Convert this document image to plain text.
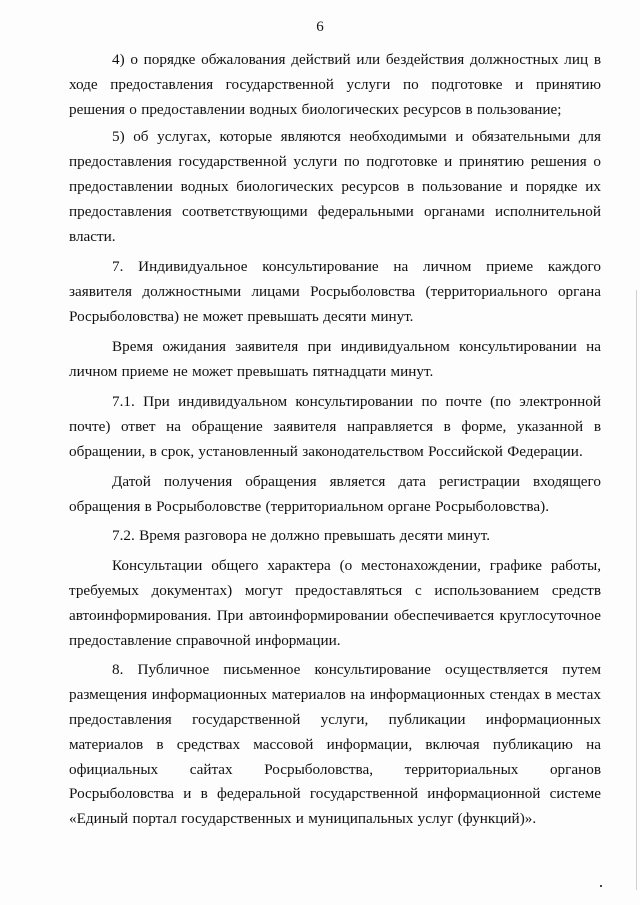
6

4) о порядке обжалования действий или бездействия должностных лиц в ходе предоставления государственной услуги по подготовке и принятию решения о предоставлении водных биологических ресурсов в пользование;

5) об услугах, которые являются необходимыми и обязательными для предоставления государственной услуги по подготовке и принятию решения о предоставлении водных биологических ресурсов в пользование и порядке их предоставления соответствующими федеральными органами исполнительной власти.

7. Индивидуальное консультирование на личном приеме каждого заявителя должностными лицами Росрыболовства (территориального органа Росрыболовства) не может превышать десяти минут.

Время ожидания заявителя при индивидуальном консультировании на личном приеме не может превышать пятнадцати минут.

7.1. При индивидуальном консультировании по почте (по электронной почте) ответ на обращение заявителя направляется в форме, указанной в обращении, в срок, установленный законодательством Российской Федерации.

Датой получения обращения является дата регистрации входящего обращения в Росрыболовстве (территориальном органе Росрыболовства).

7.2. Время разговора не должно превышать десяти минут.

Консультации общего характера (о местонахождении, графике работы, требуемых документах) могут предоставляться с использованием средств автоинформирования. При автоинформировании обеспечивается круглосуточное предоставление справочной информации.

8. Публичное письменное консультирование осуществляется путем размещения информационных материалов на информационных стендах в местах предоставления государственной услуги, публикации информационных материалов в средствах массовой информации, включая публикацию на официальных сайтах Росрыболовства, территориальных органов Росрыболовства и в федеральной государственной информационной системе «Единый портал государственных и муниципальных услуг (функций)».
